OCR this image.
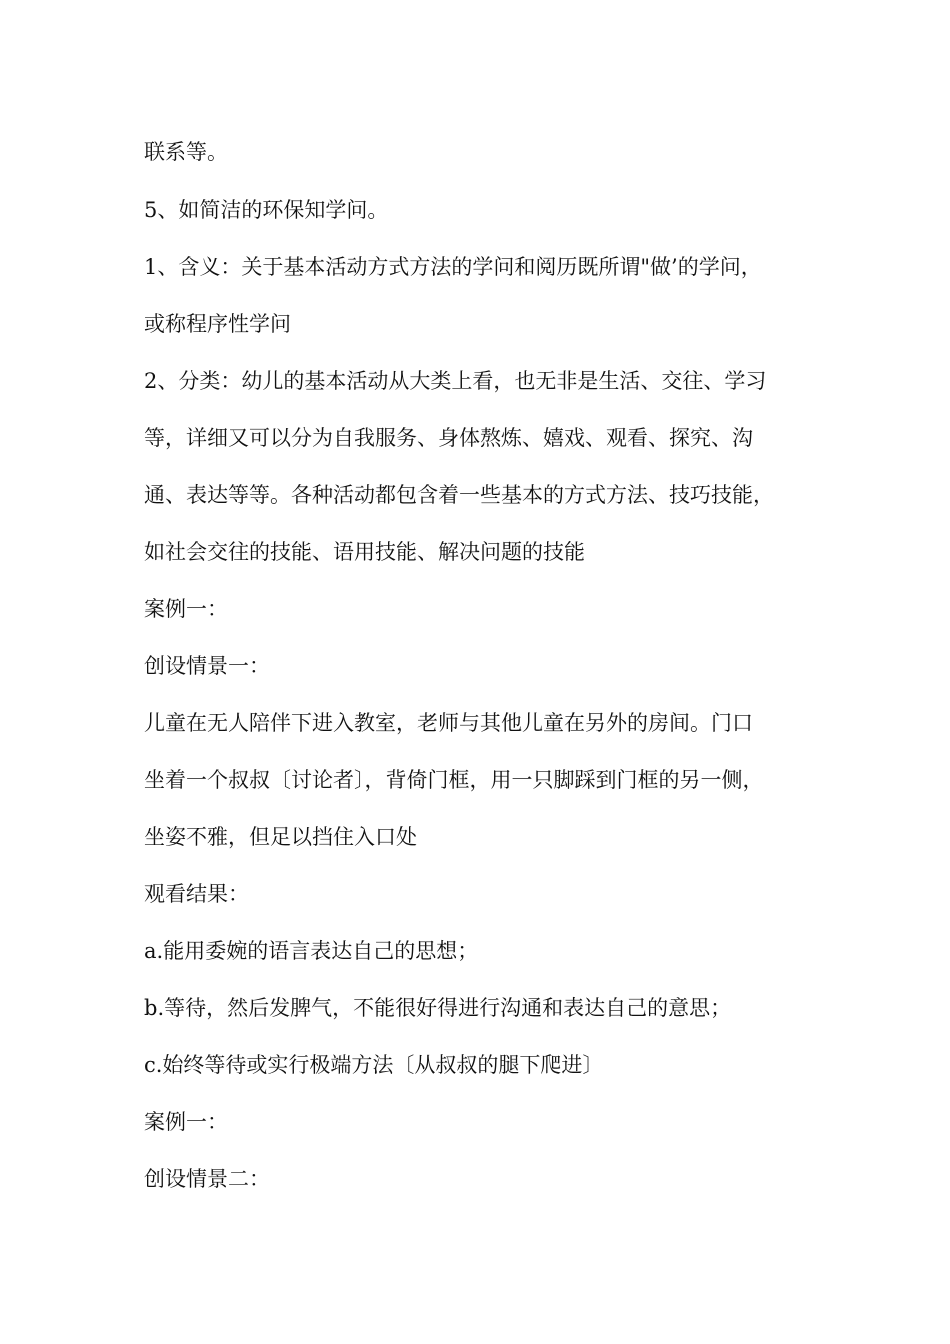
联系等。

5、如简洁的环保知学问。

1、含义：关于基本活动方式方法的学问和阅历既所谓"做’的学问，

或称程序性学问

2、分类：幼儿的基本活动从大类上看，也无非是生活、交往、学习

等，详细又可以分为自我服务、身体熬炼、嬉戏、观看、探究、沟

通、表达等等。各种活动都包含着一些基本的方式方法、技巧技能，

如社会交往的技能、语用技能、解决问题的技能

案例一：

创设情景一：

儿童在无人陪伴下进入教室，老师与其他儿童在另外的房间。门口

坐着一个叔叔〔讨论者〕，背倚门框，用一只脚踩到门框的另一侧，

坐姿不雅，但足以挡住入口处

观看结果：

a.能用委婉的语言表达自己的思想；

b.等待，然后发脾气，不能很好得进行沟通和表达自己的意思；

c.始终等待或实行极端方法〔从叔叔的腿下爬进〕

案例一：

创设情景二：
